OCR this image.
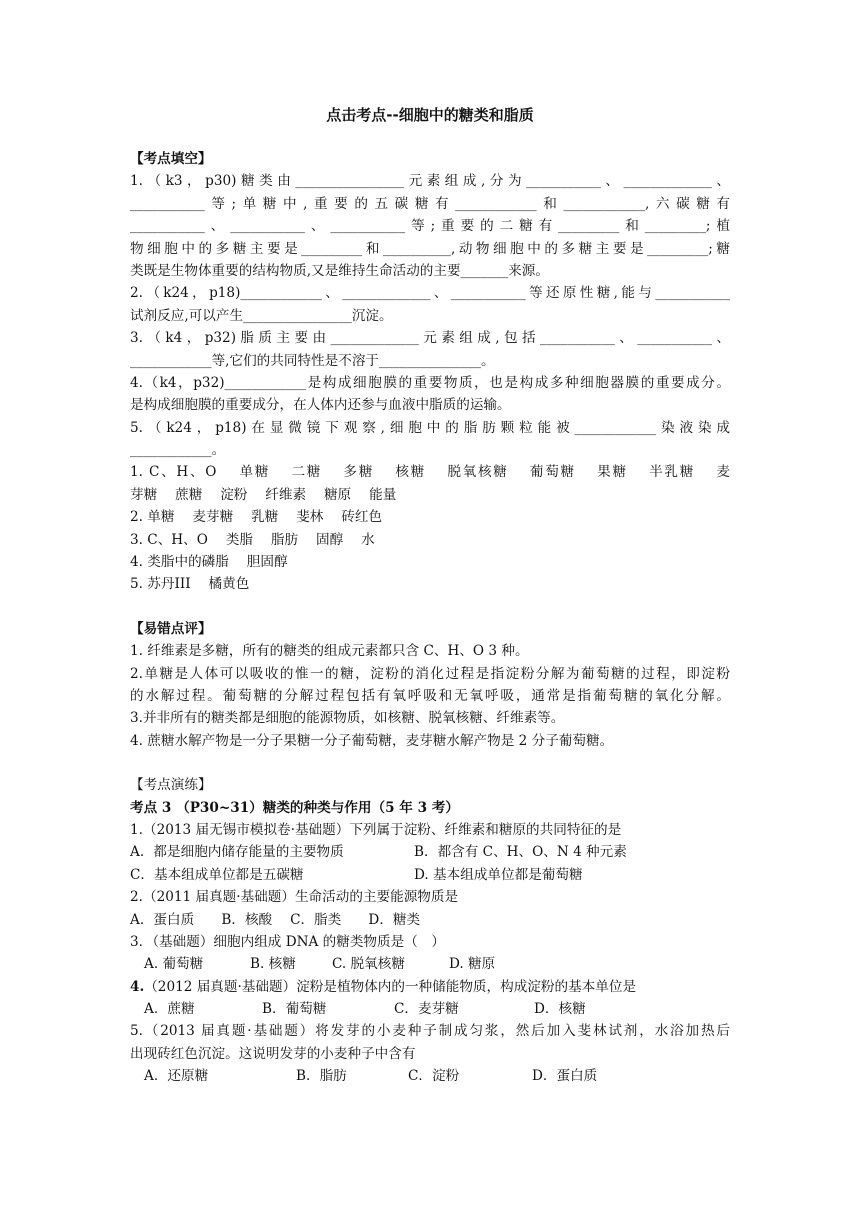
点击考点--细胞中的糖类和脂质
【考点填空】
1.（k3，p30)糖类由________________元素组成,分为___________、_____________、
___________等;单糖中,重要的五碳糖有____________和____________,六碳糖有
___________、___________、___________等;重要的二糖有_________和_________;植
物细胞中的多糖主要是_________和__________,动物细胞中的多糖主要是_________;糖
类既是生物体重要的结构物质,又是维持生命活动的主要_______来源。
2.（k24，p18)____________、_____________、___________等还原性糖,能与___________
试剂反应,可以产生________________沉淀。
3.（k4，p32)脂质主要由_____________元素组成,包括___________、___________、
____________等,它们的共同特性是不溶于_______________。
4.（k4，p32)____________是构成细胞膜的重要物质，也是构成多种细胞器膜的重要成分。
是构成细胞膜的重要成分，在人体内还参与血液中脂质的运输。
5.（k24，p18)在显微镜下观察,细胞中的脂肪颗粒能被____________染液染成
____________。
1. C、H、O　 单糖　 二糖　 多糖　 核糖　 脱氧核糖　 葡萄糖　 果糖　 半乳糖　 麦
芽糖　 蔗糖　 淀粉　 纤维素　 糖原　 能量
2. 单糖　 麦芽糖　 乳糖　 斐林　 砖红色
3. C、H、O　 类脂　 脂肪　 固醇　 水
4. 类脂中的磷脂　 胆固醇
5. 苏丹III　 橘黄色
【易错点评】
1. 纤维素是多糖，所有的糖类的组成元素都只含 C、H、O 3 种。
2.单糖是人体可以吸收的惟一的糖，淀粉的消化过程是指淀粉分解为葡萄糖的过程，即淀粉
的水解过程。葡萄糖的分解过程包括有氧呼吸和无氧呼吸，通常是指葡萄糖的氧化分解。
3.并非所有的糖类都是细胞的能源物质，如核糖、脱氧核糖、纤维素等。
4. 蔗糖水解产物是一分子果糖一分子葡萄糖，麦芽糖水解产物是 2 分子葡萄糖。
【考点演练】
考点 3 （P30~31）糖类的种类与作用（5 年 3 考）
1.（2013 届无锡市模拟卷·基础题）下列属于淀粉、纤维素和糖原的共同特征的是
A．都是细胞内储存能量的主要物质	B．都含有 C、H、O、N 4 种元素
C．基本组成单位都是五碳糖	D. 基本组成单位都是葡萄糖
2.（2011 届真题·基础题）生命活动的主要能源物质是
A．蛋白质　　B．核酸　 C．脂类　　D．糖类
3．（基础题）细胞内组成 DNA 的糖类物质是（　）
A. 葡萄糖	B. 核糖	C. 脱氧核糖	D. 糖原
4.（2012 届真题·基础题）淀粉是植物体内的一种储能物质，构成淀粉的基本单位是
A．蔗糖	B．葡萄糖	C．麦芽糖	D．核糖
5.（2013 届真题·基础题）将发芽的小麦种子制成匀浆，然后加入斐林试剂，水浴加热后
出现砖红色沉淀。这说明发芽的小麦种子中含有
A．还原糖	B．脂肪	C．淀粉	D．蛋白质
